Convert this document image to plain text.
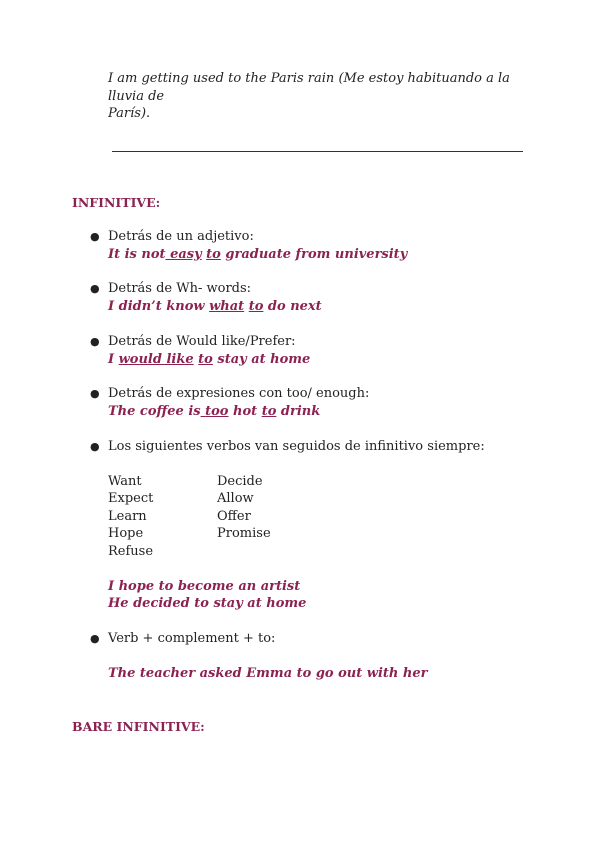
I am getting used to the Paris rain (Me estoy habituando a la lluvia de
París).
INFINITIVE:
● Detrás de un adjetivo:
It is not easy to graduate from university
● Detrás de Wh- words:
I didn’t know what to do next
● Detrás de Would like/Prefer:
I would like to stay at home
● Detrás de expresiones con too/ enough:
The coffee is too hot to drink
● Los siguientes verbos van seguidos de infinitivo siempre:
Want
Expect
Learn
Hope
Refuse
Decide
Allow
Offer
Promise
I hope to become an artist
He decided to stay at home
● Verb + complement + to:
The teacher asked Emma to go out with her
BARE INFINITIVE:
